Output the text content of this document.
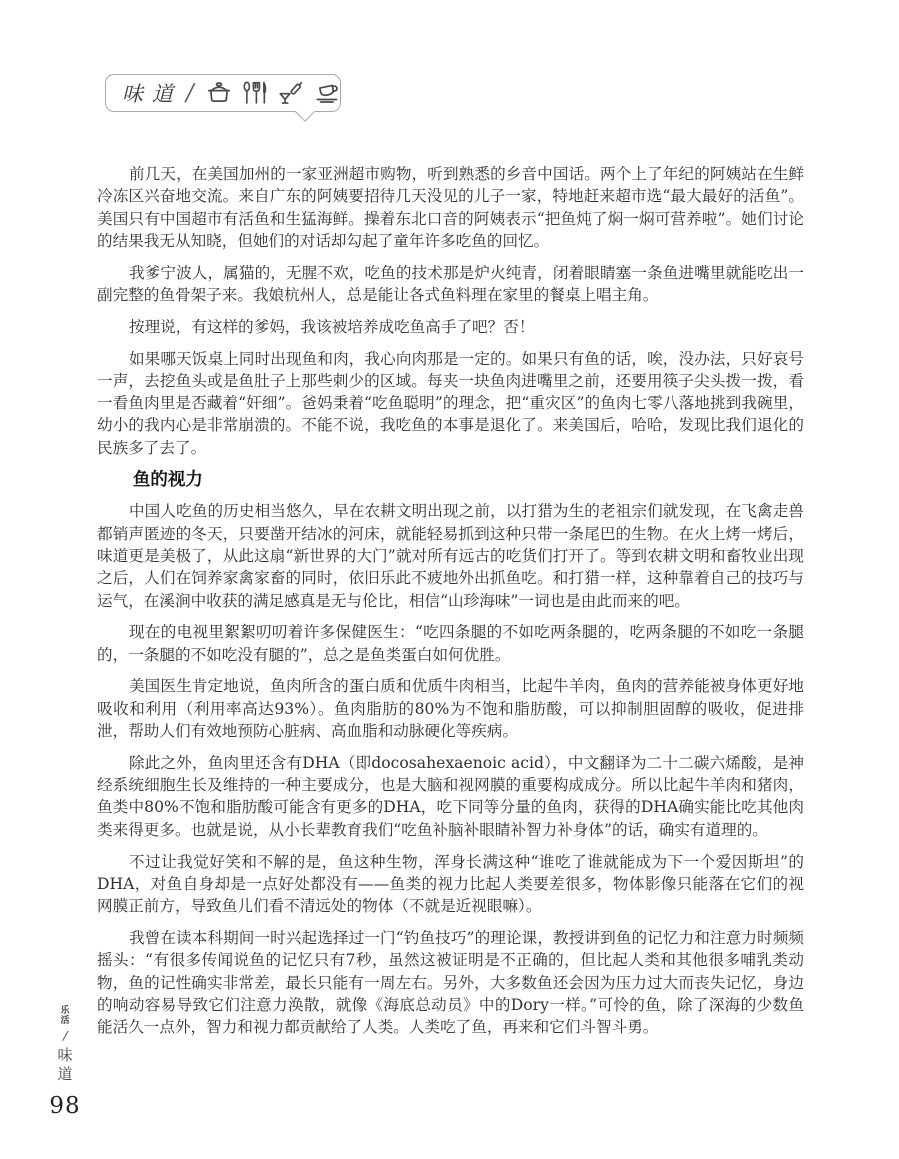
味道 /

前几天，在美国加州的一家亚洲超市购物，听到熟悉的乡音中国话。两个上了年纪的阿姨站在生鲜冷冻区兴奋地交流。来自广东的阿姨要招待几天没见的儿子一家，特地赶来超市选“最大最好的活鱼”。美国只有中国超市有活鱼和生猛海鲜。操着东北口音的阿姨表示“把鱼炖了焖一焖可营养啦”。她们讨论的结果我无从知晓，但她们的对话却勾起了童年许多吃鱼的回忆。

我爹宁波人，属猫的，无腥不欢，吃鱼的技术那是炉火纯青，闭着眼睛塞一条鱼进嘴里就能吃出一副完整的鱼骨架子来。我娘杭州人，总是能让各式鱼料理在家里的餐桌上唱主角。

按理说，有这样的爹妈，我该被培养成吃鱼高手了吧？否！

如果哪天饭桌上同时出现鱼和肉，我心向肉那是一定的。如果只有鱼的话，唉，没办法，只好哀号一声，去挖鱼头或是鱼肚子上那些刺少的区域。每夹一块鱼肉进嘴里之前，还要用筷子尖头拨一拨，看一看鱼肉里是否藏着“奸细”。爸妈秉着“吃鱼聪明”的理念，把“重灾区”的鱼肉七零八落地挑到我碗里，幼小的我内心是非常崩溃的。不能不说，我吃鱼的本事是退化了。来美国后，哈哈，发现比我们退化的民族多了去了。

鱼的视力

中国人吃鱼的历史相当悠久，早在农耕文明出现之前，以打猎为生的老祖宗们就发现，在飞禽走兽都销声匿迹的冬天，只要凿开结冰的河床，就能轻易抓到这种只带一条尾巴的生物。在火上烤一烤后，味道更是美极了，从此这扇“新世界的大门”就对所有远古的吃货们打开了。等到农耕文明和畜牧业出现之后，人们在饲养家禽家畜的同时，依旧乐此不疲地外出抓鱼吃。和打猎一样，这种靠着自己的技巧与运气，在溪涧中收获的满足感真是无与伦比，相信“山珍海味”一词也是由此而来的吧。

现在的电视里絮絮叨叨着许多保健医生：“吃四条腿的不如吃两条腿的，吃两条腿的不如吃一条腿的，一条腿的不如吃没有腿的”，总之是鱼类蛋白如何优胜。

美国医生肯定地说，鱼肉所含的蛋白质和优质牛肉相当，比起牛羊肉，鱼肉的营养能被身体更好地吸收和利用（利用率高达93%）。鱼肉脂肪的80%为不饱和脂肪酸，可以抑制胆固醇的吸收，促进排泄，帮助人们有效地预防心脏病、高血脂和动脉硬化等疾病。

除此之外，鱼肉里还含有DHA（即docosahexaenoic acid），中文翻译为二十二碳六烯酸，是神经系统细胞生长及维持的一种主要成分，也是大脑和视网膜的重要构成成分。所以比起牛羊肉和猪肉，鱼类中80%不饱和脂肪酸可能含有更多的DHA，吃下同等分量的鱼肉，获得的DHA确实能比吃其他肉类来得更多。也就是说，从小长辈教育我们“吃鱼补脑补眼睛补智力补身体”的话，确实有道理的。

不过让我觉好笑和不解的是，鱼这种生物，浑身长满这种“谁吃了谁就能成为下一个爱因斯坦”的DHA，对鱼自身却是一点好处都没有——鱼类的视力比起人类要差很多，物体影像只能落在它们的视网膜正前方，导致鱼儿们看不清远处的物体（不就是近视眼嘛）。

我曾在读本科期间一时兴起选择过一门“钓鱼技巧”的理论课，教授讲到鱼的记忆力和注意力时频频摇头：“有很多传闻说鱼的记忆只有7秒，虽然这被证明是不正确的，但比起人类和其他很多哺乳类动物，鱼的记性确实非常差，最长只能有一周左右。另外，大多数鱼还会因为压力过大而丧失记忆，身边的响动容易导致它们注意力涣散，就像《海底总动员》中的Dory一样。”可怜的鱼，除了深海的少数鱼能活久一点外，智力和视力都贡献给了人类。人类吃了鱼，再来和它们斗智斗勇。

乐
活
/
味
道
98
